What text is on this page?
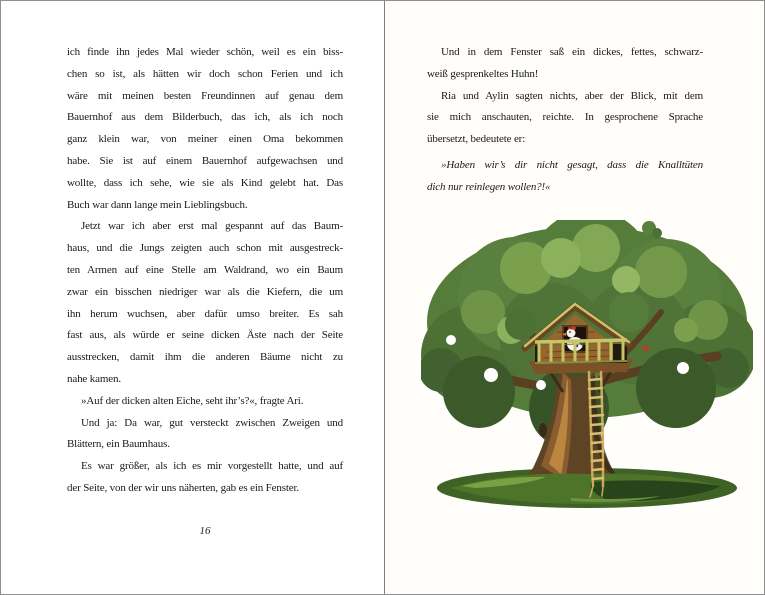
ich finde ihn jedes Mal wieder schön, weil es ein biss-
chen so ist, als hätten wir doch schon Ferien und ich
wäre mit meinen besten Freundinnen auf genau dem
Bauernhof aus dem Bilderbuch, das ich, als ich noch
ganz klein war, von meiner einen Oma bekommen
habe. Sie ist auf einem Bauernhof aufgewachsen und
wollte, dass ich sehe, wie sie als Kind gelebt hat. Das
Buch war dann lange mein Lieblingsbuch.
Jetzt war ich aber erst mal gespannt auf das Baum-
haus, und die Jungs zeigten auch schon mit ausgestreck-
ten Armen auf eine Stelle am Waldrand, wo ein Baum
zwar ein bisschen niedriger war als die Kiefern, die um
ihn herum wuchsen, aber dafür umso breiter. Es sah
fast aus, als würde er seine dicken Äste nach der Seite
ausstrecken, damit ihm die anderen Bäume nicht zu
nahe kamen.
»Auf der dicken alten Eiche, seht ihr’s?«, fragte Ari.
Und ja: Da war, gut versteckt zwischen Zweigen und
Blättern, ein Baumhaus.
Es war größer, als ich es mir vorgestellt hatte, und auf
der Seite, von der wir uns näherten, gab es ein Fenster.
16
Und in dem Fenster saß ein dickes, fettes, schwarz-
weiß gesprenkeltes Huhn!
Ria und Aylin sagten nichts, aber der Blick, mit dem
sie mich anschauten, reichte. In gesprochene Sprache
übersetzt, bedeutete er:
»Haben wir’s dir nicht gesagt, dass die Knalltüten
dich nur reinlegen wollen?!«
